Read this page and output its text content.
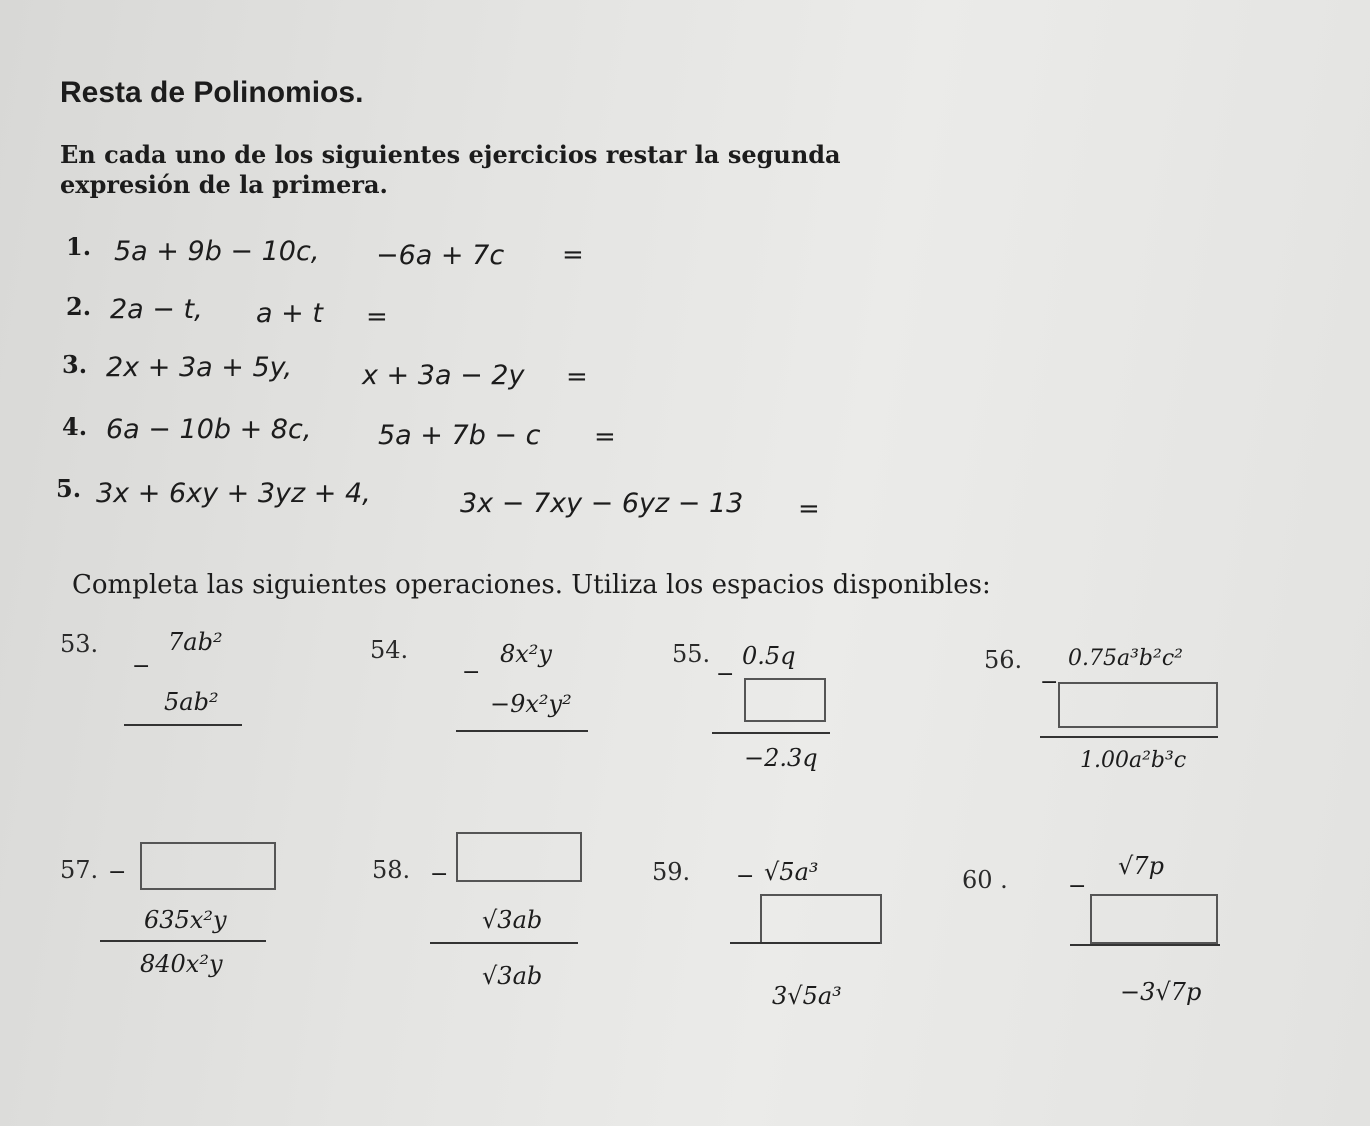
Resta de Polinomios.
En cada uno de los siguientes ejercicios restar la segunda expresión de la primera.
1. 5a + 9b − 10c, −6a + 7c =
2. 2a − t, a + t =
3. 2x + 3a + 5y,	x + 3a − 2y =
4. 6a − 10b + 8c, 5a + 7b − c =
5. 3x + 6xy + 3yz + 4,	3x − 7xy − 6yz − 13 =
Completa las siguientes operaciones. Utiliza los espacios disponibles:
53.	7ab²
−
5ab²
54.	8x²y
−
−9x²y²
55. 0.5q
−
−2.3q
56. 0.75a³b²c²
−
1.00a²b³c
57. −
635x²y
840x²y
58. −
√3ab
√3ab
59. − √5a³
3√5a³
60 .	−
√7p
−3√7p
